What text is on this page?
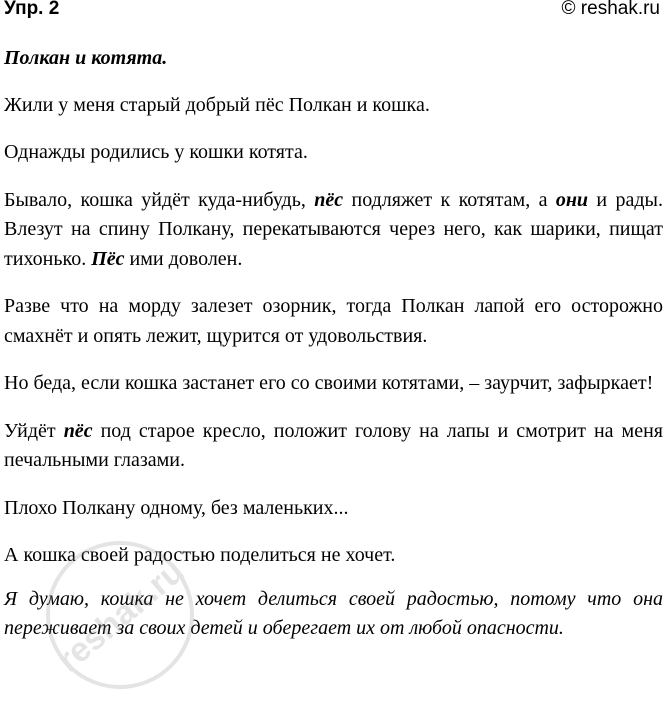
Упр. 2	© reshak.ru

Полкан и котята.

Жили у меня старый добрый пёс Полкан и кошка.

Однажды родились у кошки котята.

Бывало, кошка уйдёт куда-нибудь, пёс подляжет к котятам, а они и рады. Влезут на спину Полкану, перекатываются через него, как шарики, пищат тихонько. Пёс ими доволен.

Разве что на морду залезет озорник, тогда Полкан лапой его осторожно смахнёт и опять лежит, щурится от удовольствия.

Но беда, если кошка застанет его со своими котятами, – заурчит, зафыркает!

Уйдёт пёс под старое кресло, положит голову на лапы и смотрит на меня печальными глазами.

Плохо Полкану одному, без маленьких...

А кошка своей радостью поделиться не хочет.

Я думаю, кошка не хочет делиться своей радостью, потому что она переживает за своих детей и оберегает их от любой опасности.

reshak.ru
